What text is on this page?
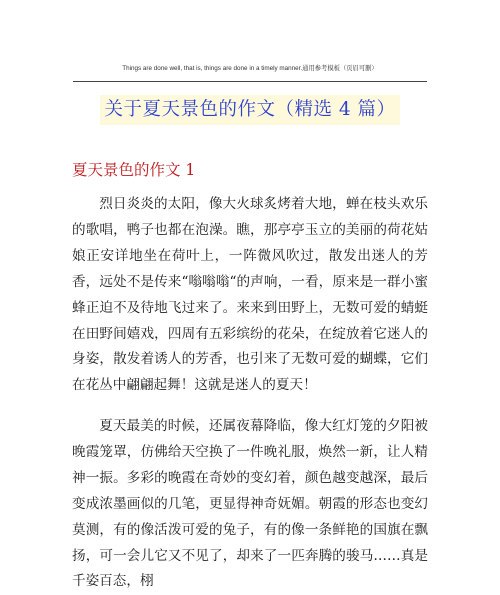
Things are done well, that is, things are done in a timely manner.通用参考模板（页眉可删）
关于夏天景色的作文（精选 4 篇）
夏天景色的作文 1

烈日炎炎的太阳，像大火球炙烤着大地，蝉在枝头欢乐的歌唱，鸭子也都在泡澡。瞧，那亭亭玉立的美丽的荷花姑娘正安详地坐在荷叶上，一阵微风吹过，散发出迷人的芳香，远处不是传来“嗡嗡嗡“的声响，一看，原来是一群小蜜蜂正迫不及待地飞过来了。来来到田野上，无数可爱的蜻蜓在田野间嬉戏，四周有五彩缤纷的花朵，在绽放着它迷人的身姿，散发着诱人的芳香，也引来了无数可爱的蝴蝶，它们在花丛中翩翩起舞！这就是迷人的夏天！

夏天最美的时候，还属夜幕降临，像大红灯笼的夕阳被晚霞笼罩，仿佛给天空换了一件晚礼服，焕然一新，让人精神一振。多彩的晚霞在奇妙的变幻着，颜色越变越深，最后变成浓墨画似的几笔，更显得神奇妩媚。朝霞的形态也变幻莫测，有的像活泼可爱的兔子，有的像一条鲜艳的国旗在飘扬，可一会儿它又不见了，却来了一匹奔腾的骏马……真是千姿百态，栩
